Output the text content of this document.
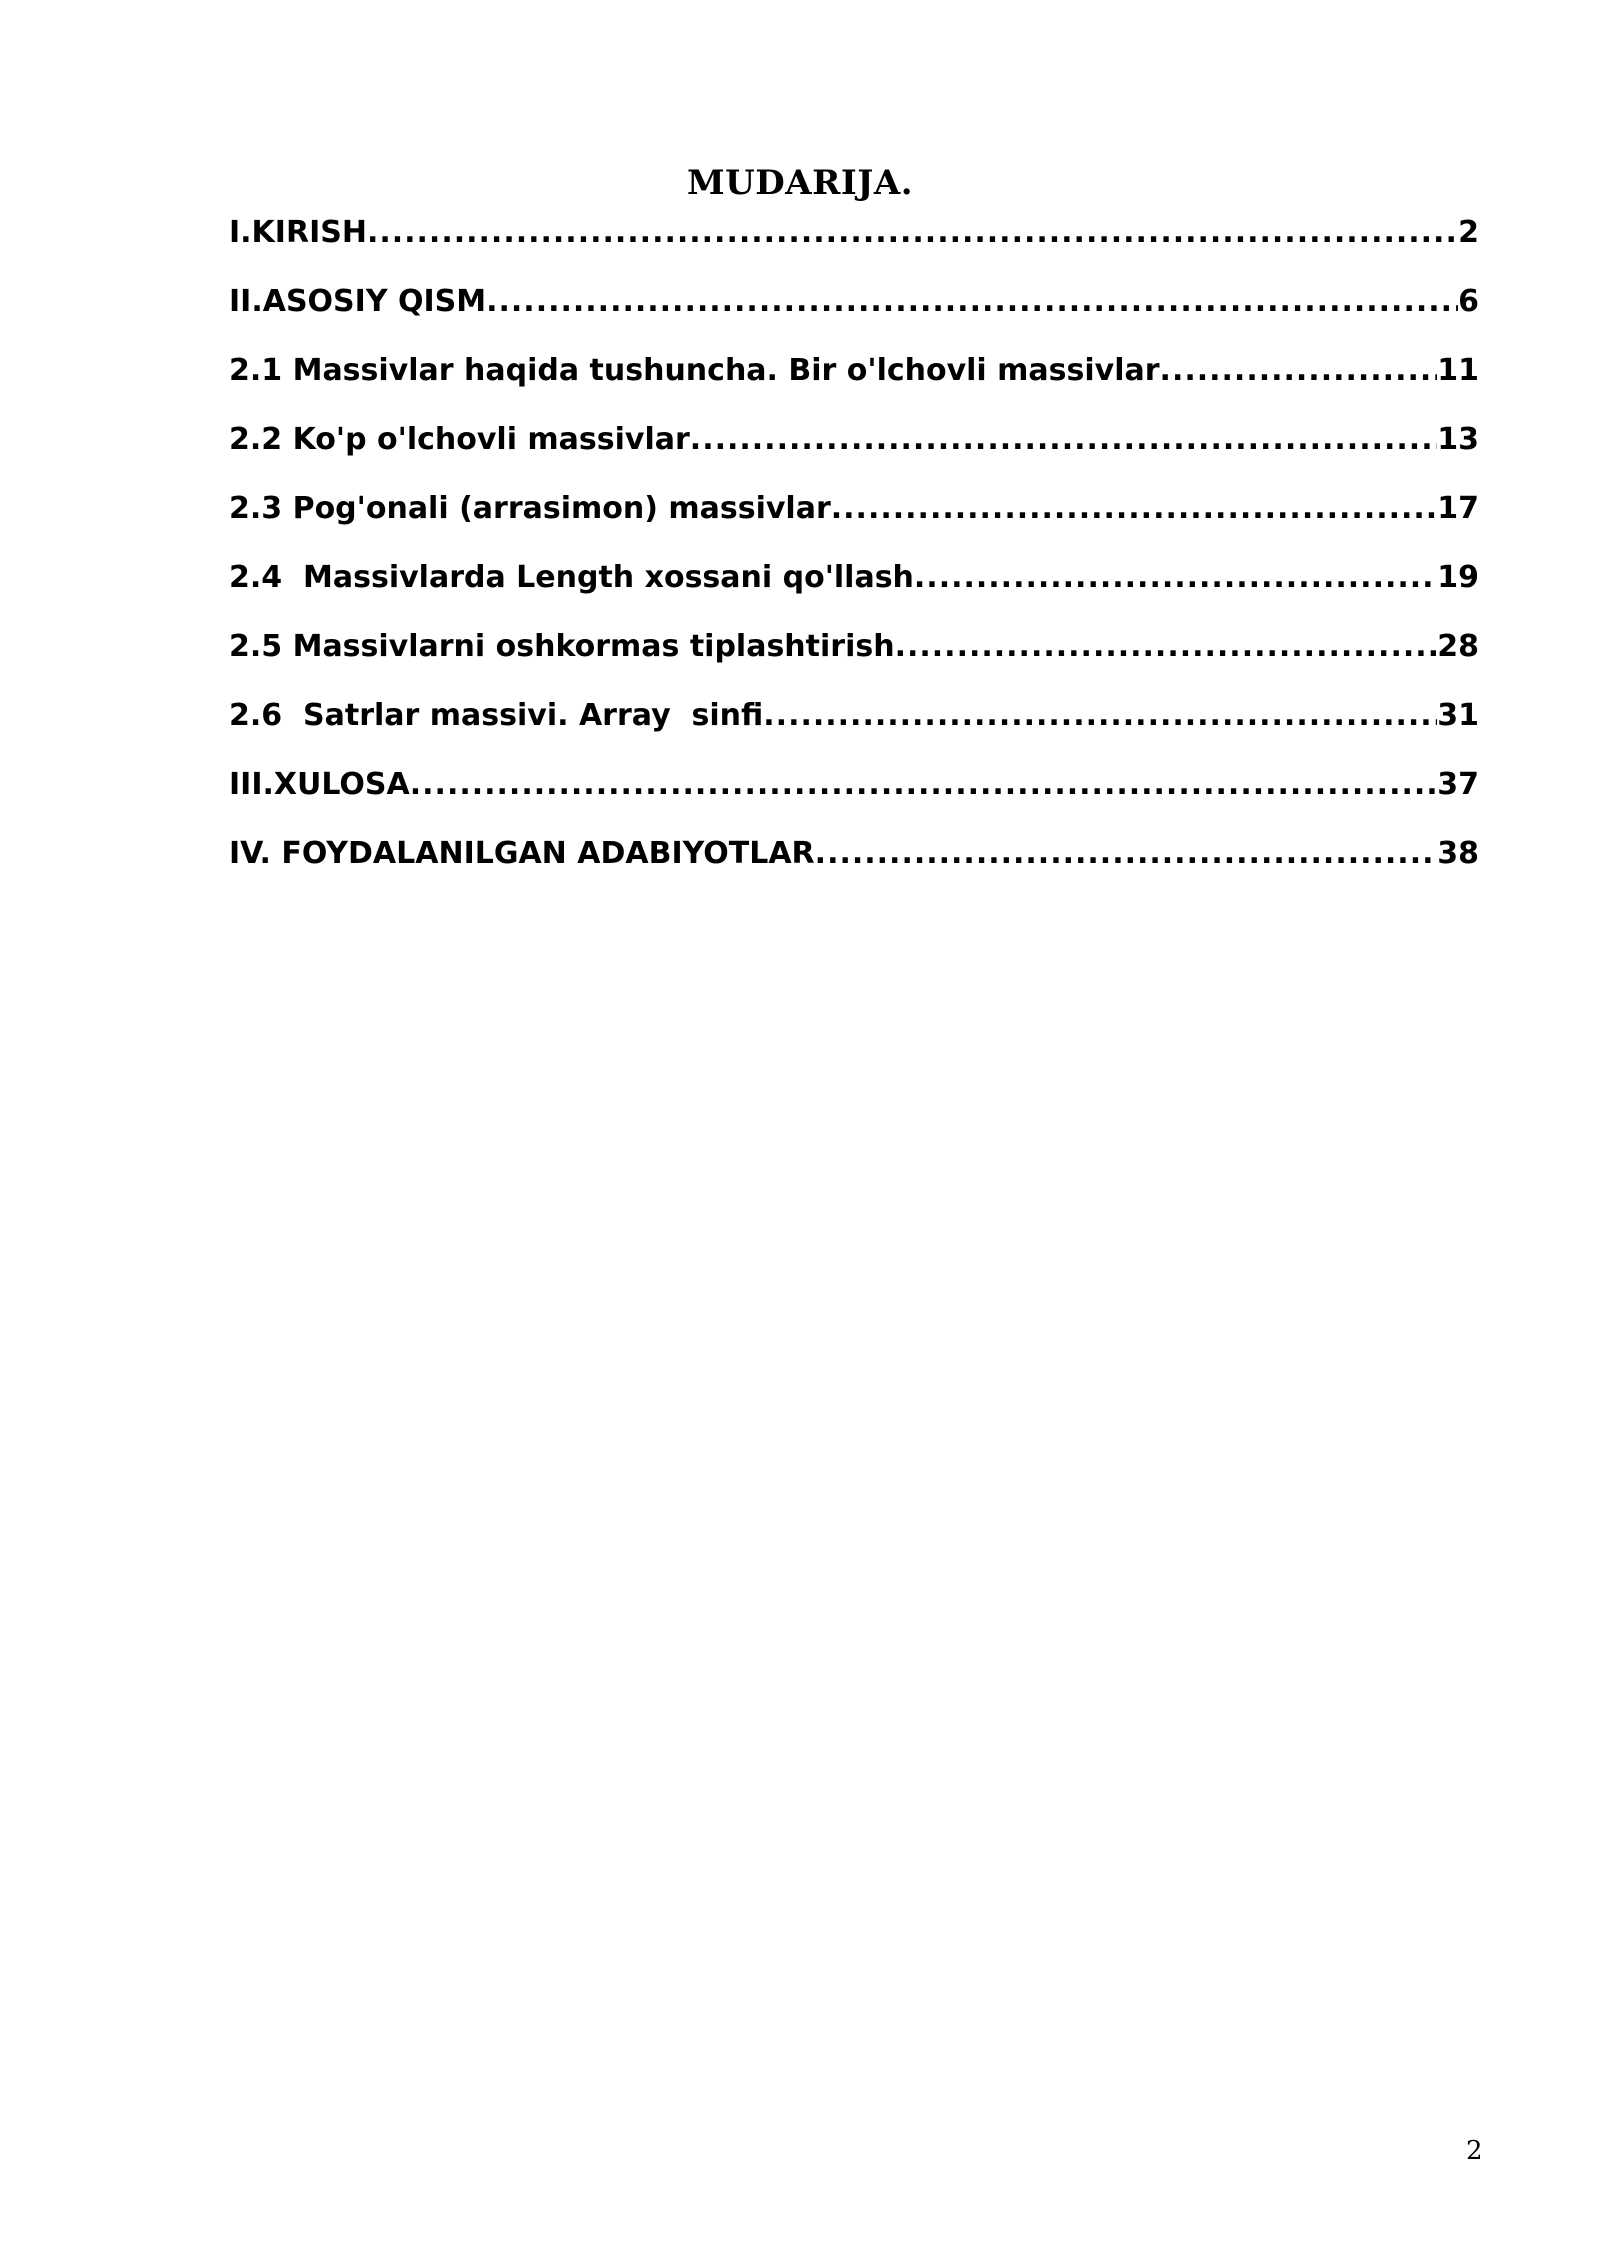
MUDARIJA.
I.KIRISH .....	2
II.ASOSIY QISM .....	6
2.1 Massivlar haqida tushuncha. Bir o'lchovli massivlar .....	11
2.2 Ko'p o'lchovli massivlar .....	13
2.3 Pog'onali (arrasimon) massivlar .....	17
2.4  Massivlarda Length xossani qo'llash .....	19
2.5 Massivlarni oshkormas tiplashtirish .....	28
2.6  Satrlar massivi. Array  sinfi .....	31
III.XULOSA .....	37
IV. FOYDALANILGAN ADABIYOTLAR .....	38
2
